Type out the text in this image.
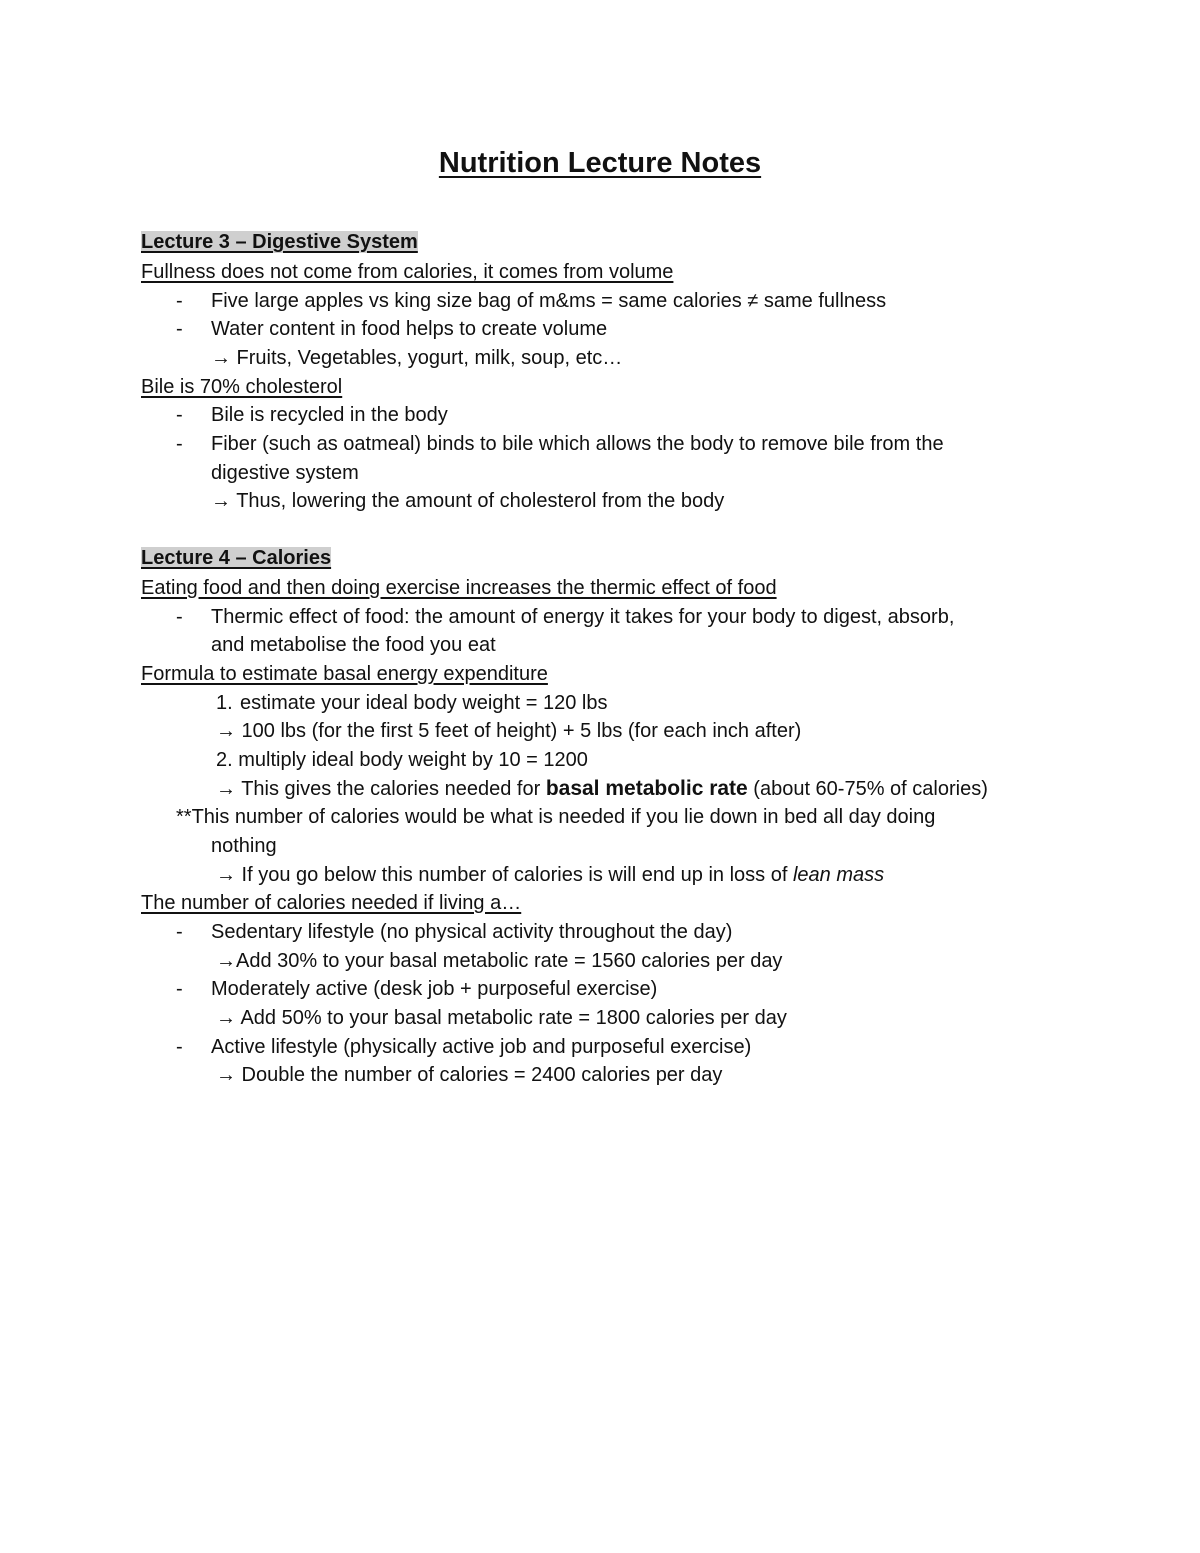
Nutrition Lecture Notes
Lecture 3 – Digestive System
Fullness does not come from calories, it comes from volume
- Five large apples vs king size bag of m&ms = same calories ≠ same fullness
- Water content in food helps to create volume
→ Fruits, Vegetables, yogurt, milk, soup, etc…
Bile is 70% cholesterol
- Bile is recycled in the body
- Fiber (such as oatmeal) binds to bile which allows the body to remove bile from the
digestive system
→ Thus, lowering the amount of cholesterol from the body
Lecture 4 – Calories
Eating food and then doing exercise increases the thermic effect of food
- Thermic effect of food: the amount of energy it takes for your body to digest, absorb,
and metabolise the food you eat
Formula to estimate basal energy expenditure
1. estimate your ideal body weight = 120 lbs
→ 100 lbs (for the first 5 feet of height) + 5 lbs (for each inch after)
2. multiply ideal body weight by 10 = 1200
→ This gives the calories needed for basal metabolic rate (about 60-75% of calories)
**This number of calories would be what is needed if you lie down in bed all day doing
nothing
→ If you go below this number of calories is will end up in loss of lean mass
The number of calories needed if living a…
- Sedentary lifestyle (no physical activity throughout the day)
→Add 30% to your basal metabolic rate = 1560 calories per day
- Moderately active (desk job + purposeful exercise)
→ Add 50% to your basal metabolic rate = 1800 calories per day
- Active lifestyle (physically active job and purposeful exercise)
→ Double the number of calories = 2400 calories per day
